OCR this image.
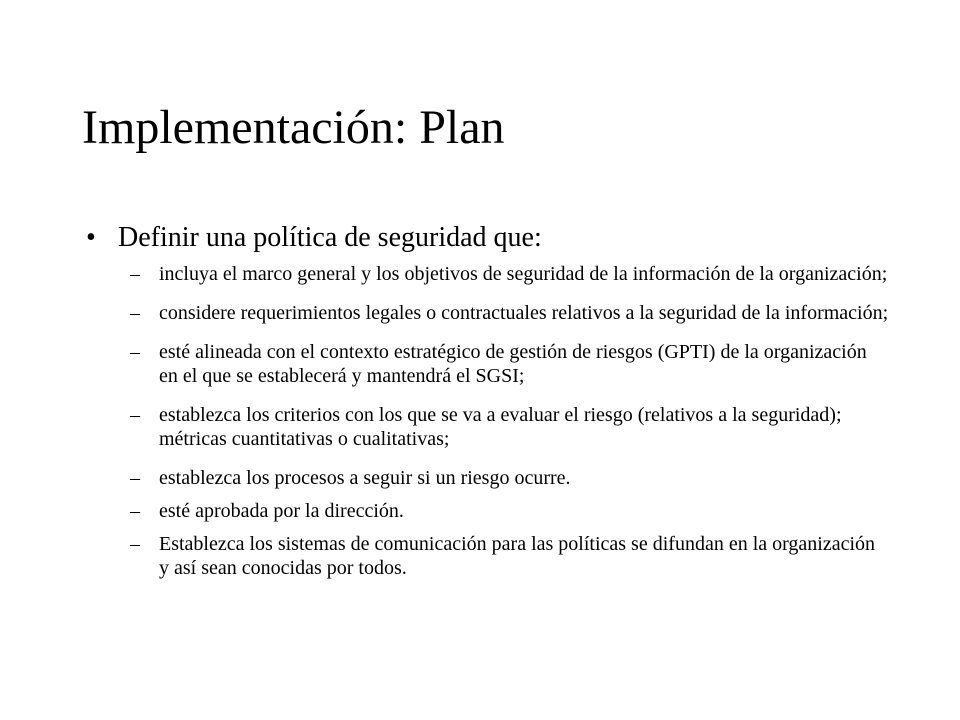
Implementación: Plan
• Definir una política de seguridad que:
– incluya el marco general y los objetivos de seguridad de la información de la organización;
– considere requerimientos legales o contractuales relativos a la seguridad de la información;
– esté alineada con el contexto estratégico de gestión de riesgos (GPTI) de la organización en el que se establecerá y mantendrá el SGSI;
– establezca los criterios con los que se va a evaluar el riesgo (relativos a la seguridad); métricas cuantitativas o cualitativas;
– establezca los procesos a seguir si un riesgo ocurre.
– esté aprobada por la dirección.
– Establezca los sistemas de comunicación para las políticas se difundan en la organización y así sean conocidas por todos.
